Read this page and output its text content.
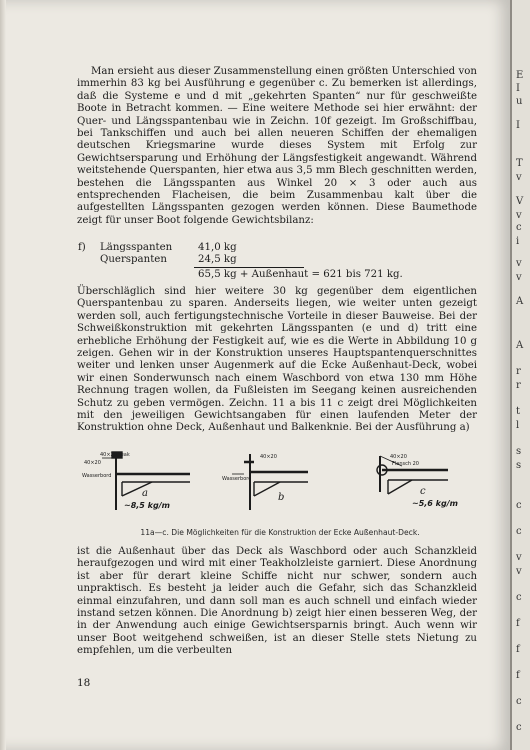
Man ersieht aus dieser Zusammenstellung einen größten Unterschied von immerhin 83 kg bei Ausführung e gegenüber c. Zu bemerken ist allerdings, daß die Systeme e und d mit „gekehrten Spanten“ nur für geschweißte Boote in Betracht kommen. — Eine weitere Methode sei hier erwähnt: der Quer- und Längsspantenbau wie in Zeichn. 10f gezeigt. Im Großschiffbau, bei Tankschiffen und auch bei allen neueren Schiffen der ehemaligen deutschen Kriegsmarine wurde dieses System mit Erfolg zur Gewichtsersparung und Erhöhung der Längsfestigkeit angewandt. Während weitstehende Querspanten, hier etwa aus 3,5 mm Blech geschnitten werden, bestehen die Längsspanten aus Winkel 20 × 3 oder auch aus entsprechenden Flacheisen, die beim Zusammenbau kalt über die aufgestellten Längsspanten gezogen werden können. Diese Baumethode zeigt für unser Boot folgende Gewichtsbilanz:

f) Längsspanten	41,0 kg
Querspanten	24,5 kg
65,5 kg + Außenhaut = 621 bis 721 kg.

Überschläglich sind hier weitere 30 kg gegenüber dem eigentlichen Querspantenbau zu sparen. Anderseits liegen, wie weiter unten gezeigt werden soll, auch fertigungstechnische Vorteile in dieser Bauweise. Bei der Schweißkonstruktion mit gekehrten Längsspanten (e und d) tritt eine erhebliche Erhöhung der Festigkeit auf, wie es die Werte in Abbildung 10 g zeigen. Gehen wir in der Konstruktion unseres Hauptspantenquerschnittes weiter und lenken unser Augenmerk auf die Ecke Außenhaut-Deck, wobei wir einen Sonderwunsch nach einem Waschbord von etwa 130 mm Höhe Rechnung tragen wollen, da Fußleisten im Seegang keinen ausreichenden Schutz zu geben vermögen. Zeichn. 11 a bis 11 c zeigt drei Möglichkeiten mit den jeweiligen Gewichtsangaben für einen laufenden Meter der Konstruktion ohne Deck, Außenhaut und Balkenknie. Bei der Ausführung a)

40×20 Teak
40×20
Wasserbord
a
~8,5 kg/m
40×20
Wasserbord
b
40×20
Flansch 20
c
~5,6 kg/m
11a—c. Die Möglichkeiten für die Konstruktion der Ecke Außenhaut-Deck.

ist die Außenhaut über das Deck als Waschbord oder auch Schanzkleid heraufgezogen und wird mit einer Teakholzleiste garniert. Diese Anordnung ist aber für derart kleine Schiffe nicht nur schwer, sondern auch unpraktisch. Es besteht ja leider auch die Gefahr, sich das Schanzkleid einmal einzufahren, und dann soll man es auch schnell und einfach wieder instand setzen können. Die Anordnung b) zeigt hier einen besseren Weg, der in der Anwendung auch einige Gewichtsersparnis bringt. Auch wenn wir unser Boot weitgehend schweißen, ist an dieser Stelle stets Nietung zu empfehlen, um die verbeulten

18
E
I
u
I
T
v
V
v
c
i
v
v
A
A
r
r
t
l
s
s
c
c
v
v
c
f
f
f
c
c
